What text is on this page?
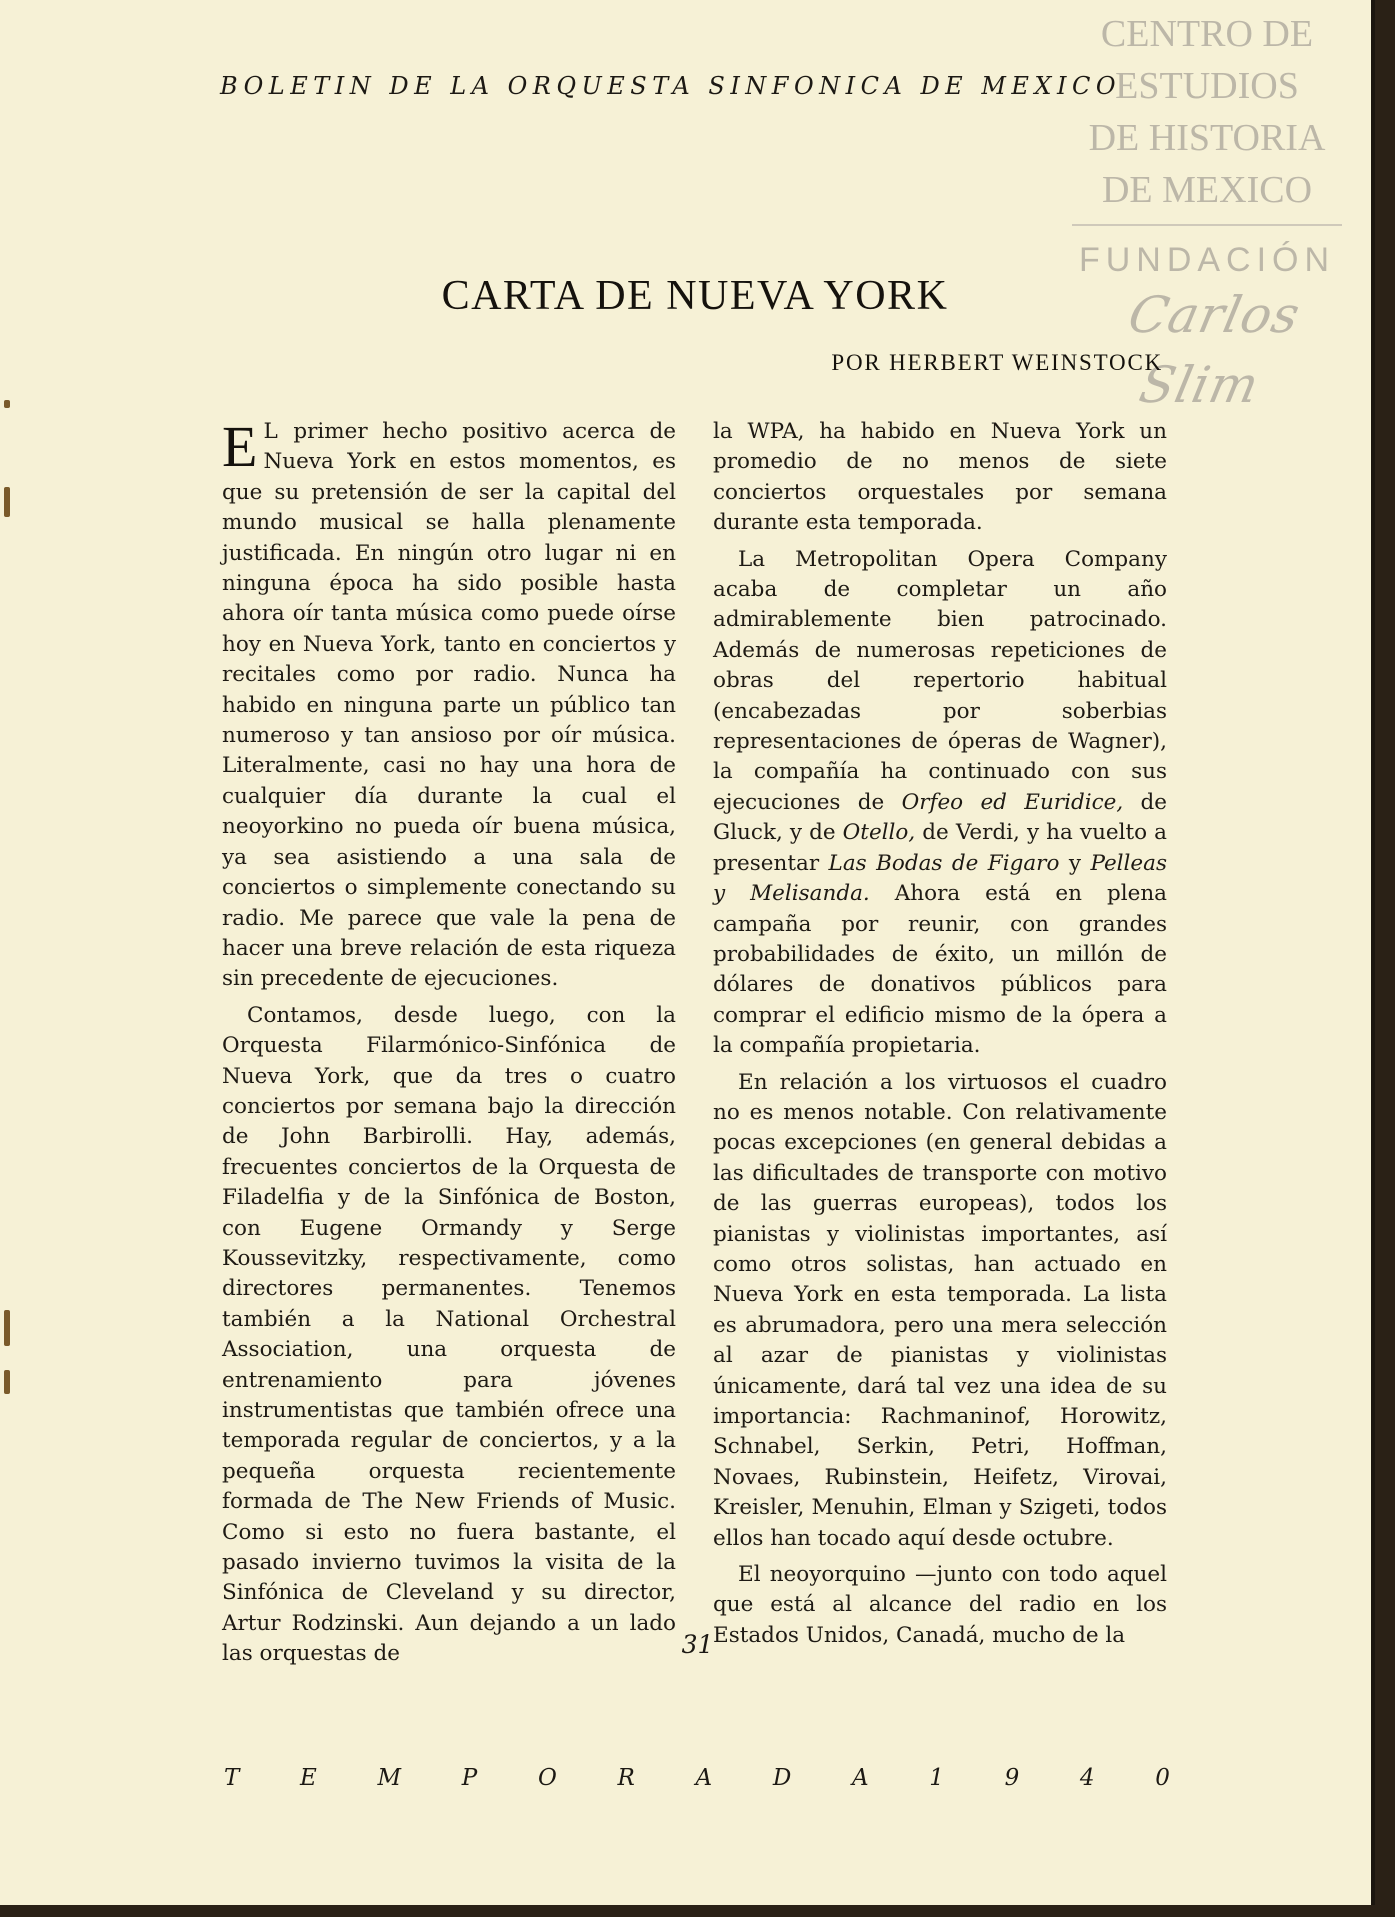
BOLETIN DE LA ORQUESTA SINFONICA DE MEXICO
CENTRO DE
ESTUDIOS
DE HISTORIA
DE MEXICO
FUNDACIÓN
Carlos Slim
CARTA DE NUEVA YORK
POR HERBERT WEINSTOCK

E L primer hecho positivo acerca de Nueva York en estos momentos, es que su pretensión de ser la capital del mundo musical se halla plenamente justificada. En ningún otro lugar ni en ninguna época ha sido posible hasta ahora oír tanta música como puede oírse hoy en Nueva York, tanto en conciertos y recitales como por radio. Nunca ha habido en ninguna parte un público tan numeroso y tan ansioso por oír música. Literalmente, casi no hay una hora de cualquier día durante la cual el neoyorkino no pueda oír buena música, ya sea asistiendo a una sala de conciertos o simplemente conectando su radio. Me parece que vale la pena de hacer una breve relación de esta riqueza sin precedente de ejecuciones.

Contamos, desde luego, con la Orquesta Filarmónico-Sinfónica de Nueva York, que da tres o cuatro conciertos por semana bajo la dirección de John Barbirolli. Hay, además, frecuentes conciertos de la Orquesta de Filadelfia y de la Sinfónica de Boston, con Eugene Ormandy y Serge Koussevitzky, respectivamente, como directores permanentes. Tenemos también a la National Orchestral Association, una orquesta de entrenamiento para jóvenes instrumentistas que también ofrece una temporada regular de conciertos, y a la pequeña orquesta recientemente formada de The New Friends of Music. Como si esto no fuera bastante, el pasado invierno tuvimos la visita de la Sinfónica de Cleveland y su director, Artur Rodzinski. Aun dejando a un lado las orquestas de

la WPA, ha habido en Nueva York un promedio de no menos de siete conciertos orquestales por semana durante esta temporada.

La Metropolitan Opera Company acaba de completar un año admirablemente bien patrocinado. Además de numerosas repeticiones de obras del repertorio habitual (encabezadas por soberbias representaciones de óperas de Wagner), la compañía ha continuado con sus ejecuciones de Orfeo ed Euridice, de Gluck, y de Otello, de Verdi, y ha vuelto a presentar Las Bodas de Figaro y Pelleas y Melisanda. Ahora está en plena campaña por reunir, con grandes probabilidades de éxito, un millón de dólares de donativos públicos para comprar el edificio mismo de la ópera a la compañía propietaria.

En relación a los virtuosos el cuadro no es menos notable. Con relativamente pocas excepciones (en general debidas a las dificultades de transporte con motivo de las guerras europeas), todos los pianistas y violinistas importantes, así como otros solistas, han actuado en Nueva York en esta temporada. La lista es abrumadora, pero una mera selección al azar de pianistas y violinistas únicamente, dará tal vez una idea de su importancia: Rachmaninof, Horowitz, Schnabel, Serkin, Petri, Hoffman, Novaes, Rubinstein, Heifetz, Virovai, Kreisler, Menuhin, Elman y Szigeti, todos ellos han tocado aquí desde octubre.

El neoyorquino —junto con todo aquel que está al alcance del radio en los Estados Unidos, Canadá, mucho de la

31
T	E	M	P	O	R	A	D	A	1	9	4	0
